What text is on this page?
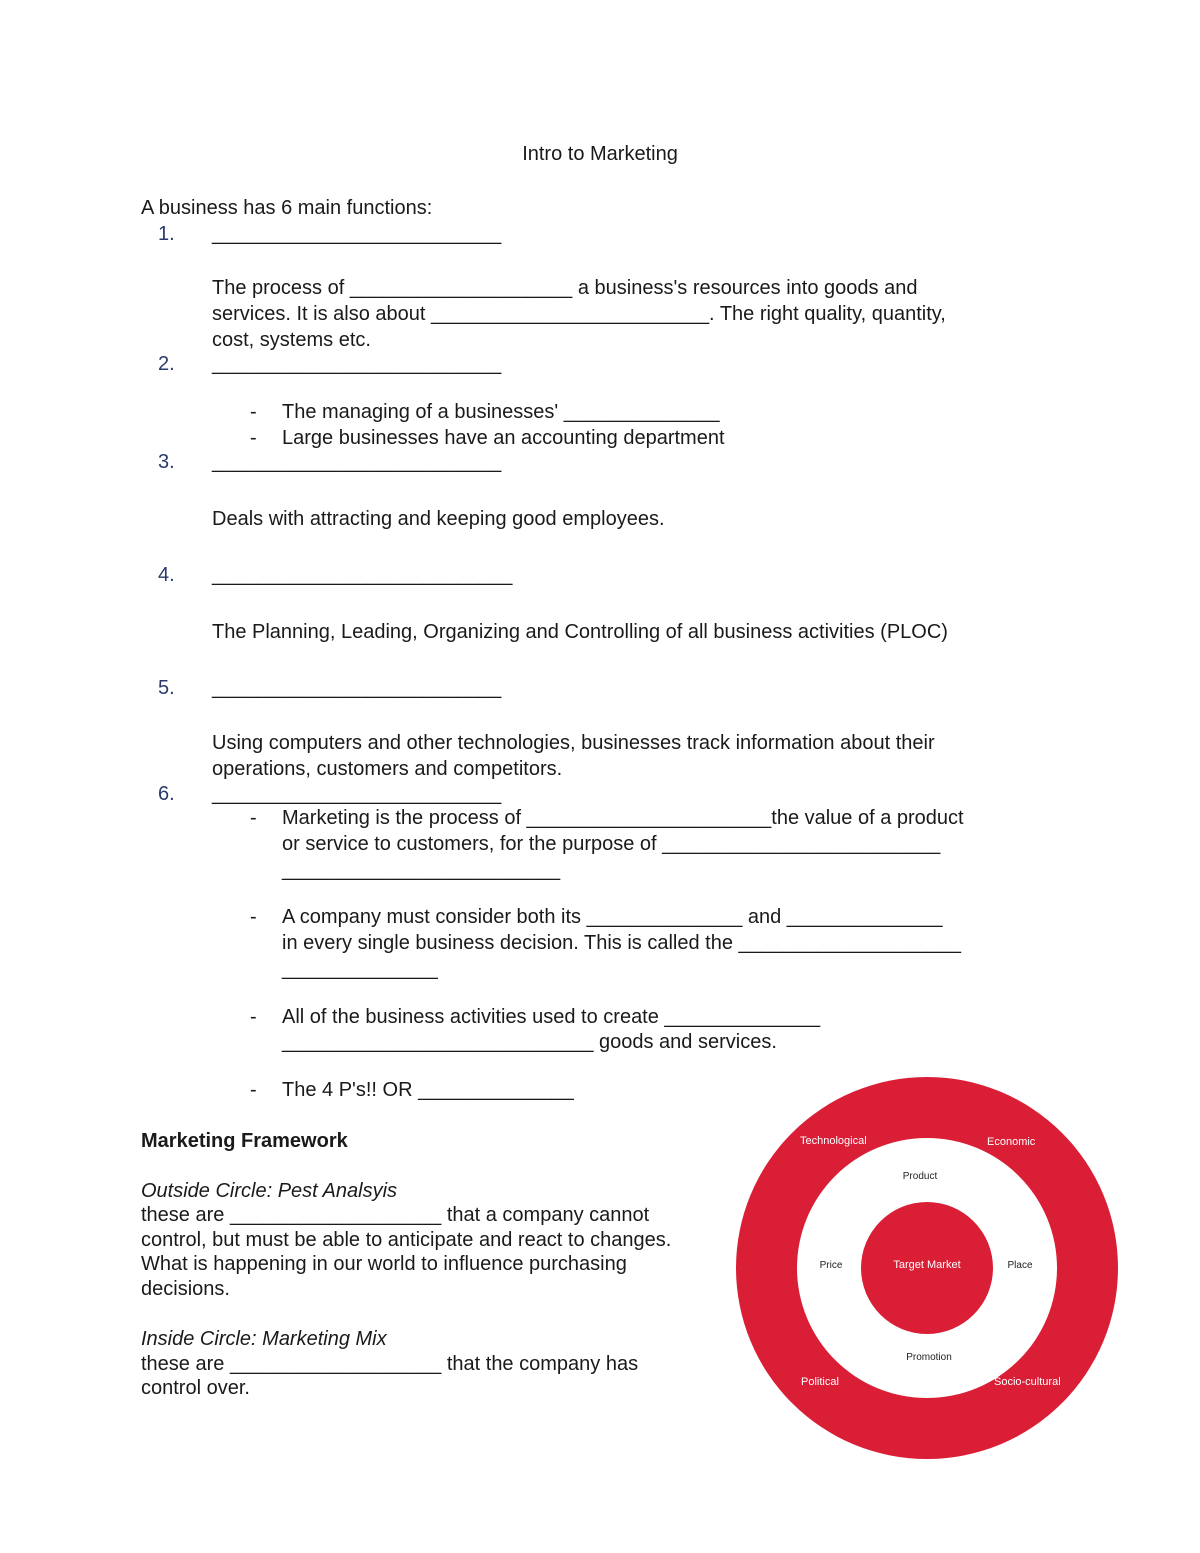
Intro to Marketing
A business has 6 main functions:
1. __________________________
The process of ____________________ a business's resources into goods and
services. It is also about _________________________. The right quality, quantity,
cost, systems etc.
2. __________________________
- The managing of a businesses' ______________
- Large businesses have an accounting department
3. __________________________
Deals with attracting and keeping good employees.
4. ___________________________
The Planning, Leading, Organizing and Controlling of all business activities (PLOC)
5. __________________________
Using computers and other technologies, businesses track information about their
operations, customers and competitors.
6. __________________________
- Marketing is the process of ______________________the value of a product
or service to customers, for the purpose of _________________________
_________________________
- A company must consider both its ______________ and ______________
in every single business decision. This is called the ____________________
______________
- All of the business activities used to create ______________
____________________________ goods and services.
- The 4 P's!! OR ______________
Marketing Framework
Outside Circle: Pest Analsyis
these are ___________________ that a company cannot
control, but must be able to anticipate and react to changes.
What is happening in our world to influence purchasing
decisions.
Inside Circle: Marketing Mix
these are ___________________ that the company has
control over.
Technological	Economic
Political	Socio-cultural
Product
Price	Place
Promotion
Target Market
